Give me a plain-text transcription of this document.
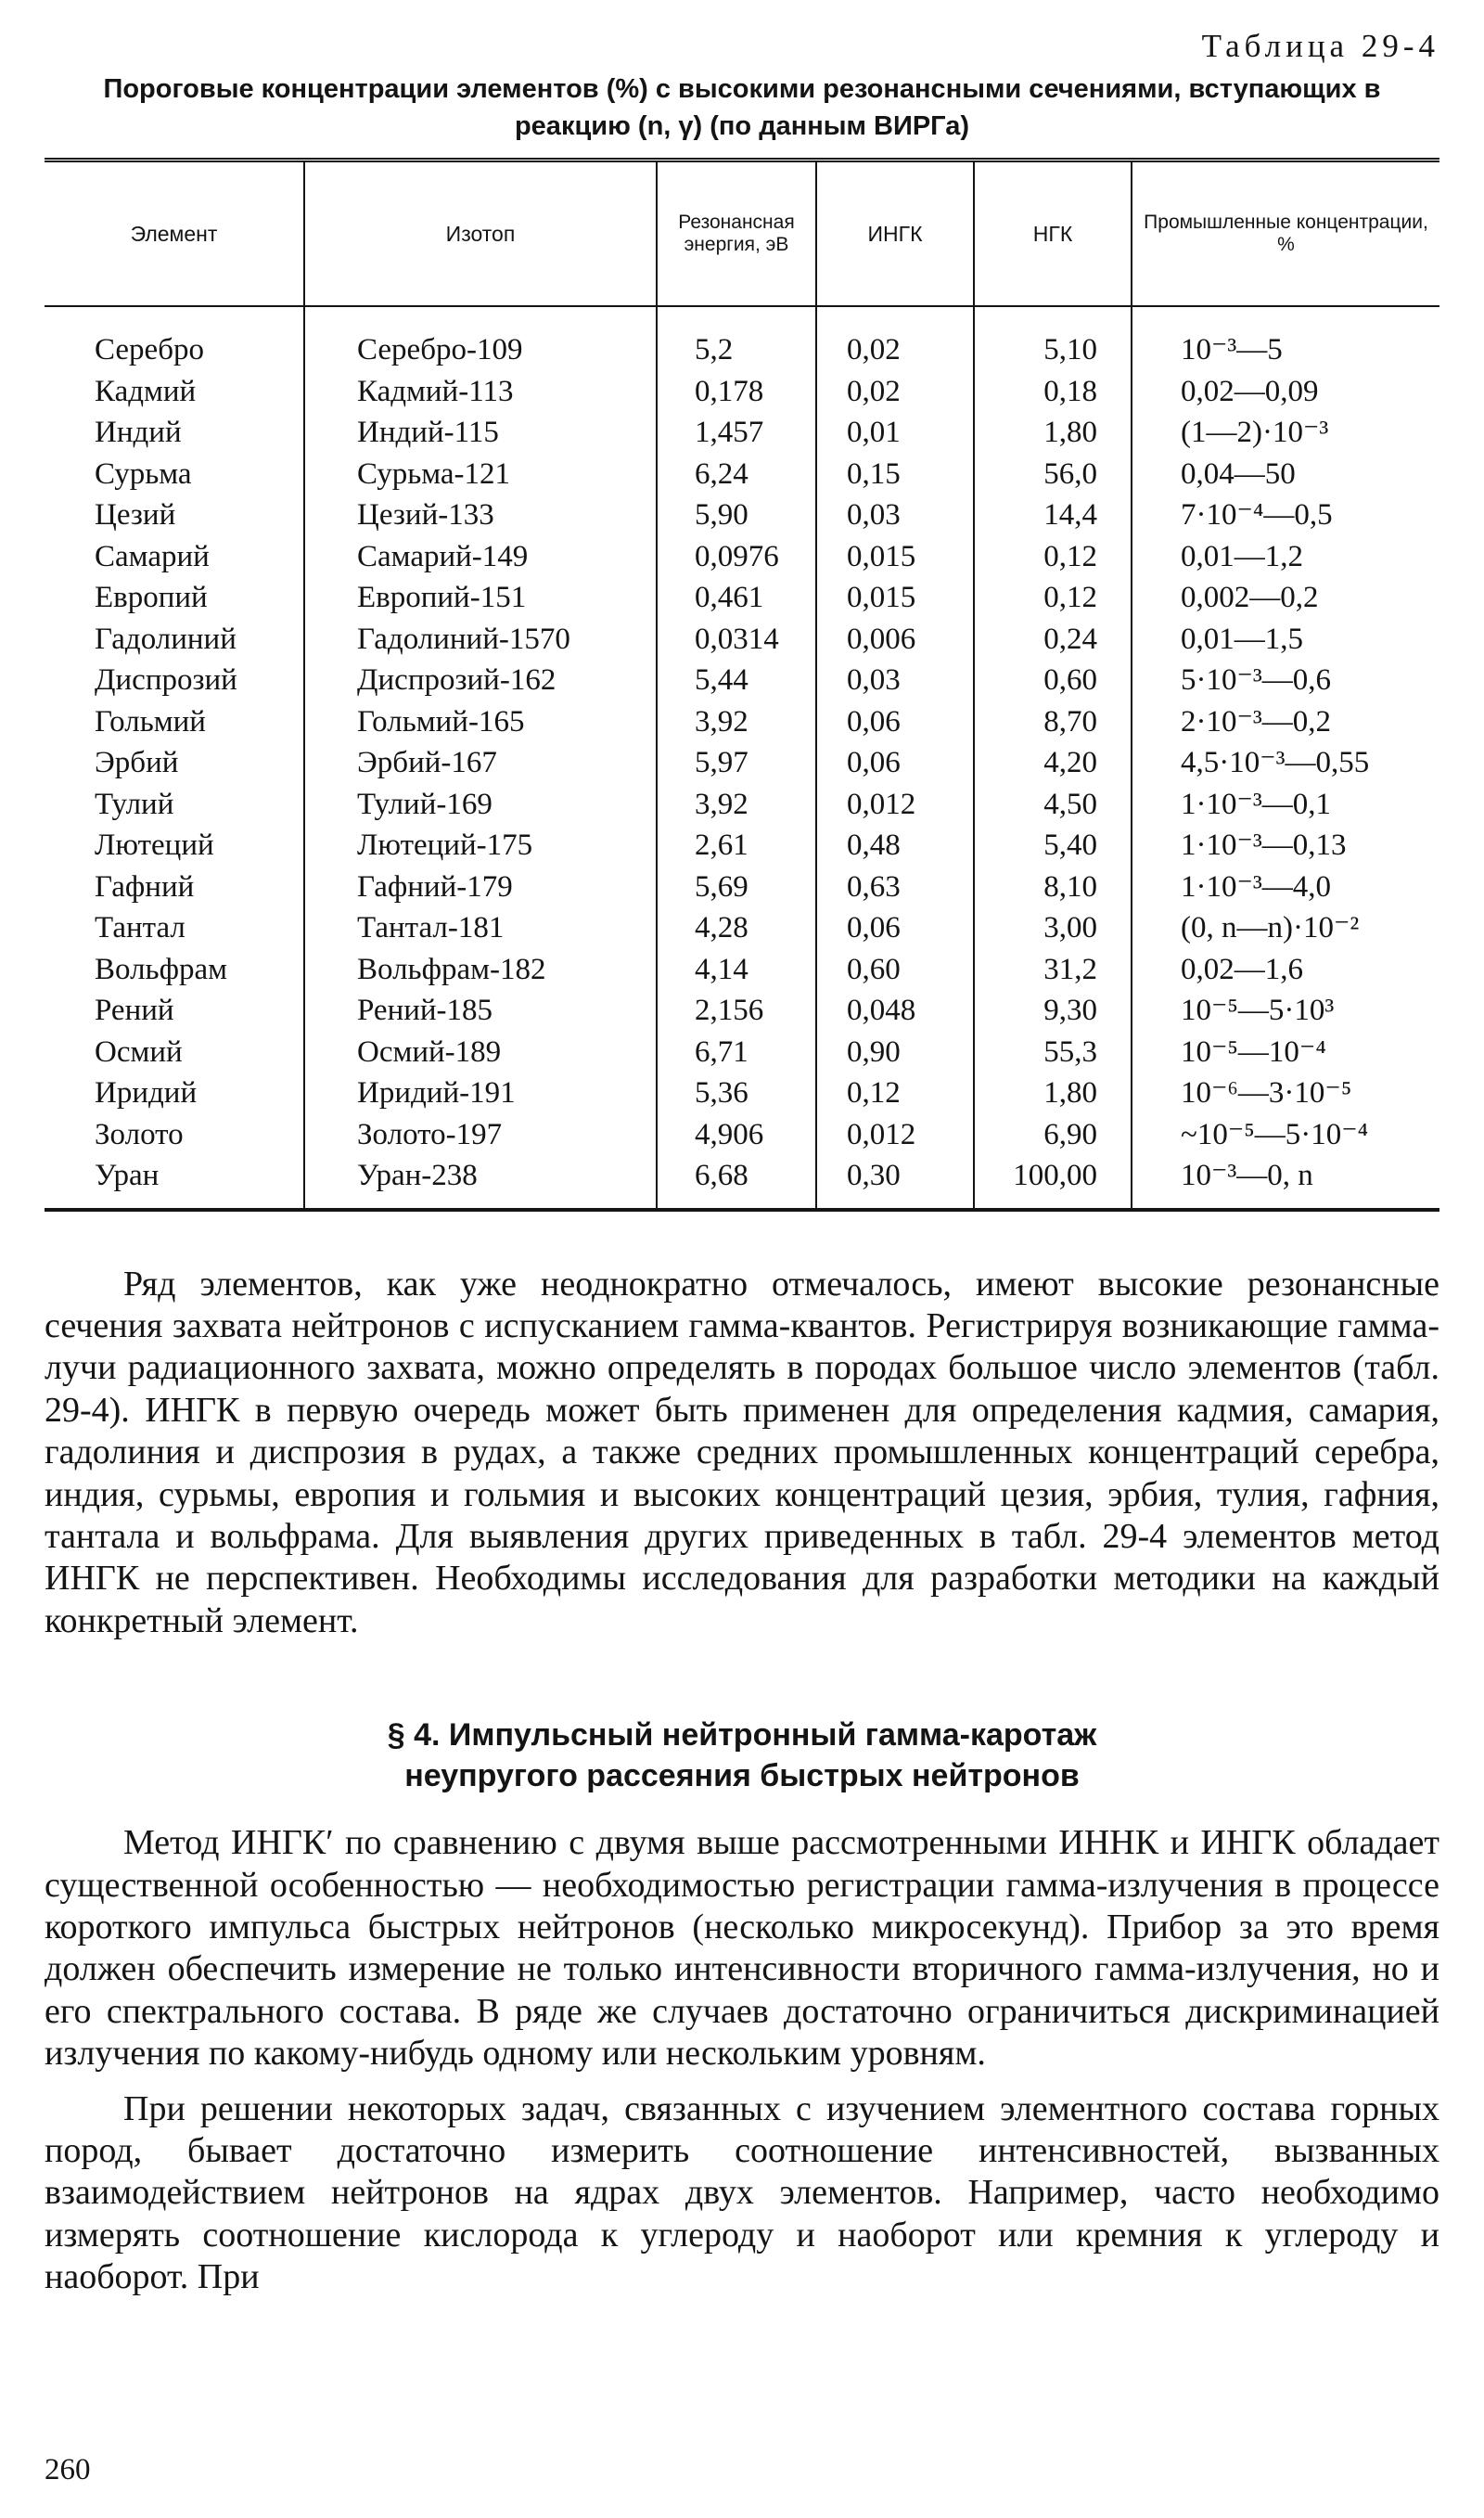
Таблица 29-4
Пороговые концентрации элементов (%) с высокими резонансными сечениями, вступающих в реакцию (n, γ) (по данным ВИРГа)
Элемент	Изотоп	Резонансная энергия, эВ	ИНГК	НГК	Промышленные концентрации, %
Серебро	Серебро-109	5,2	0,02	5,10	10⁻³—5
Кадмий	Кадмий-113	0,178	0,02	0,18	0,02—0,09
Индий	Индий-115	1,457	0,01	1,80	(1—2)·10⁻³
Сурьма	Сурьма-121	6,24	0,15	56,0	0,04—50
Цезий	Цезий-133	5,90	0,03	14,4	7·10⁻⁴—0,5
Самарий	Самарий-149	0,0976	0,015	0,12	0,01—1,2
Европий	Европий-151	0,461	0,015	0,12	0,002—0,2
Гадолиний	Гадолиний-1570	0,0314	0,006	0,24	0,01—1,5
Диспрозий	Диспрозий-162	5,44	0,03	0,60	5·10⁻³—0,6
Гольмий	Гольмий-165	3,92	0,06	8,70	2·10⁻³—0,2
Эрбий	Эрбий-167	5,97	0,06	4,20	4,5·10⁻³—0,55
Тулий	Тулий-169	3,92	0,012	4,50	1·10⁻³—0,1
Лютеций	Лютеций-175	2,61	0,48	5,40	1·10⁻³—0,13
Гафний	Гафний-179	5,69	0,63	8,10	1·10⁻³—4,0
Тантал	Тантал-181	4,28	0,06	3,00	(0, n—n)·10⁻²
Вольфрам	Вольфрам-182	4,14	0,60	31,2	0,02—1,6
Рений	Рений-185	2,156	0,048	9,30	10⁻⁵—5·10³
Осмий	Осмий-189	6,71	0,90	55,3	10⁻⁵—10⁻⁴
Иридий	Иридий-191	5,36	0,12	1,80	10⁻⁶—3·10⁻⁵
Золото	Золото-197	4,906	0,012	6,90	~10⁻⁵—5·10⁻⁴
Уран	Уран-238	6,68	0,30	100,00	10⁻³—0, n

Ряд элементов, как уже неоднократно отмечалось, имеют высокие резонансные сечения захвата нейтронов с испусканием гамма-квантов. Регистрируя возникающие гамма-лучи радиационного захвата, можно определять в породах большое число элементов (табл. 29-4). ИНГК в первую очередь может быть применен для определения кадмия, самария, гадолиния и диспрозия в рудах, а также средних промышленных концентраций серебра, индия, сурьмы, европия и гольмия и высоких концентраций цезия, эрбия, тулия, гафния, тантала и вольфрама. Для выявления других приведенных в табл. 29-4 элементов метод ИНГК не перспективен. Необходимы исследования для разработки методики на каждый конкретный элемент.

§ 4. Импульсный нейтронный гамма-каротаж
неупругого рассеяния быстрых нейтронов

Метод ИНГК′ по сравнению с двумя выше рассмотренными ИННК и ИНГК обладает существенной особенностью — необходимостью регистрации гамма-излучения в процессе короткого импульса быстрых нейтронов (несколько микросекунд). Прибор за это время должен обеспечить измерение не только интенсивности вторичного гамма-излучения, но и его спектрального состава. В ряде же случаев достаточно ограничиться дискриминацией излучения по какому-нибудь одному или нескольким уровням.

При решении некоторых задач, связанных с изучением элементного состава горных пород, бывает достаточно измерить соотношение интенсивностей, вызванных взаимодействием нейтронов на ядрах двух элементов. Например, часто необходимо измерять соотношение кислорода к углероду и наоборот или кремния к углероду и наоборот. При

260
